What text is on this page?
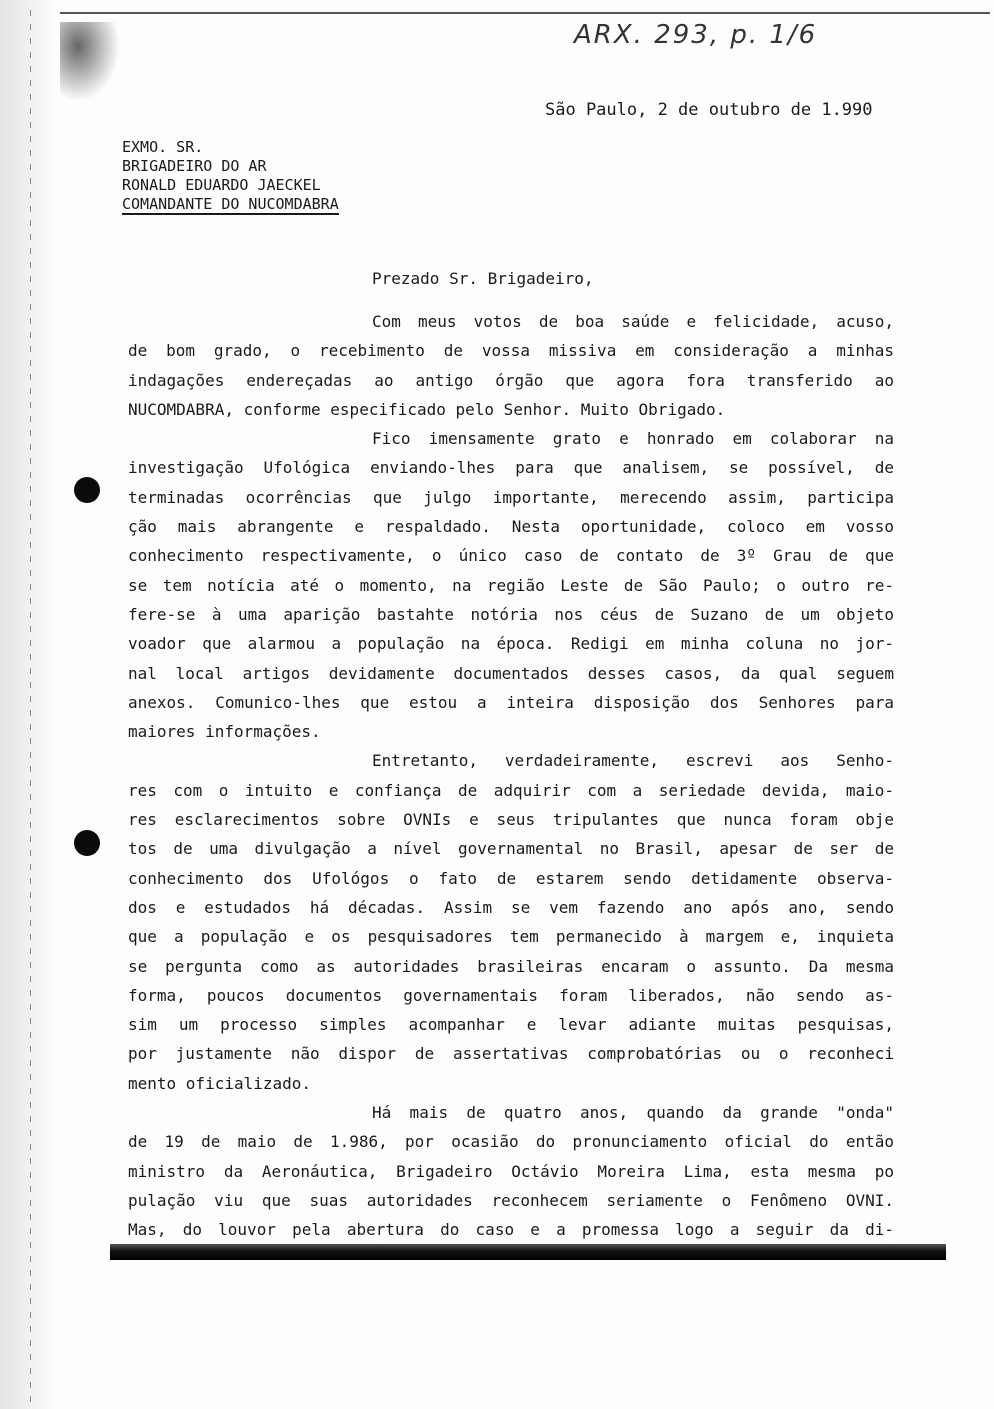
ARX. 293, p. 1/6
São Paulo, 2 de outubro de 1.990
EXMO. SR.
BRIGADEIRO DO AR
RONALD EDUARDO JAECKEL
COMANDANTE DO NUCOMDABRA
Prezado Sr. Brigadeiro,
Com meus votos de boa saúde e felicidade, acuso,
de bom grado, o recebimento de vossa missiva em consideração a minhas
indagações endereçadas ao antigo órgão que agora fora transferido ao
NUCOMDABRA, conforme especificado pelo Senhor. Muito Obrigado.
Fico imensamente grato e honrado em colaborar na
investigação Ufológica enviando-lhes para que analisem, se possível, de
terminadas ocorrências que julgo importante, merecendo assim, participa
ção mais abrangente e respaldado. Nesta oportunidade, coloco em vosso
conhecimento respectivamente, o único caso de contato de 3º Grau de que
se tem notícia até o momento, na região Leste de São Paulo; o outro re-
fere-se à uma aparição bastahte notória nos céus de Suzano de um objeto
voador que alarmou a população na época. Redigi em minha coluna no jor-
nal local artigos devidamente documentados desses casos, da qual seguem
anexos. Comunico-lhes que estou a inteira disposição dos Senhores para
maiores informações.
Entretanto, verdadeiramente, escrevi aos Senho-
res com o intuito e confiança de adquirir com a seriedade devida, maio-
res esclarecimentos sobre OVNIs e seus tripulantes que nunca foram obje
tos de uma divulgação a nível governamental no Brasil, apesar de ser de
conhecimento dos Ufológos o fato de estarem sendo detidamente observa-
dos e estudados há décadas. Assim se vem fazendo ano após ano, sendo
que a população e os pesquisadores tem permanecido à margem e, inquieta
se pergunta como as autoridades brasileiras encaram o assunto. Da mesma
forma, poucos documentos governamentais foram liberados, não sendo as-
sim um processo simples acompanhar e levar adiante muitas pesquisas,
por justamente não dispor de assertativas comprobatórias ou o reconheci
mento oficializado.
Há mais de quatro anos, quando da grande "onda"
de 19 de maio de 1.986, por ocasião do pronunciamento oficial do então
ministro da Aeronáutica, Brigadeiro Octávio Moreira Lima, esta mesma po
pulação viu que suas autoridades reconhecem seriamente o Fenômeno OVNI.
Mas, do louvor pela abertura do caso e a promessa logo a seguir da di-
